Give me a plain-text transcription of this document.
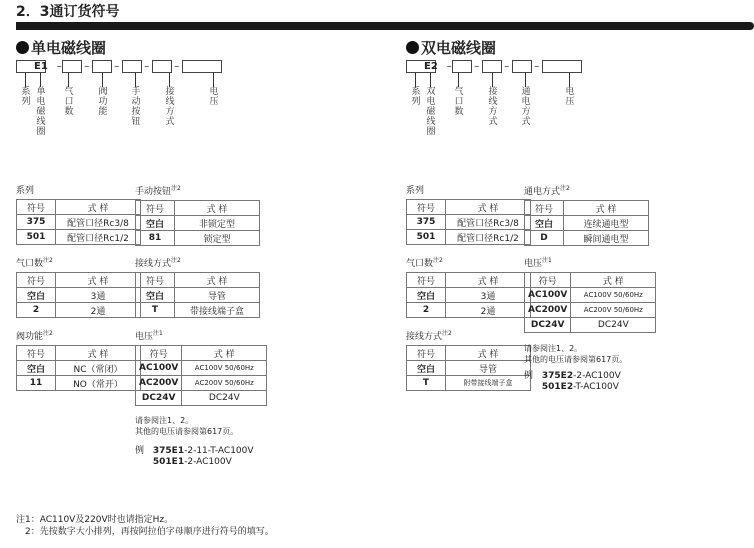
2．3通订货符号
单电磁线圈
E1 – –	–	–	–
系列
单电磁线圈
气口数
阀功能
手动按钮
接线方式
电压
双电磁线圈
E2 – –	–	–
系列
双电磁线圈
气口数
接线方式
通电方式
电压
系列
符号	式 样
375	配管口径Rc3/8
501	配管口径Rc1/2
气口数$^{注2}$
符号	式 样
空白	3通
2	2通
阀功能$^{注2}$
符号	式 样
空白	NC（常闭）
11	NO（常开）
手动按钮$^{注2}$
符号	式 样
空白	非锁定型
81	锁定型
接线方式$^{注2}$
符号	式 样
空白	导管
T	带接线端子盒
电压$^{注1}$
符号	式 样
AC100V	AC100V 50/60Hz
AC200V	AC200V 50/60Hz
DC24V	DC24V
请参阅注1、2。
其他的电压请参阅第617页。
例 375E1-2-11-T-AC100V
501E1-2-AC100V
系列
符号	式 样
375	配管口径Rc3/8
501	配管口径Rc1/2
气口数$^{注2}$
符号	式 样
空白	3通
2	2通
接线方式$^{注2}$
符号	式 样
空白	导管
T	附带接线端子盒
通电方式$^{注2}$
符号	式 样
空白	连续通电型
D	瞬间通电型
电压$^{注1}$
符号	式 样
AC100V	AC100V 50/60Hz
AC200V	AC200V 50/60Hz
DC24V	DC24V
请参阅注1、2。
其他的电压请参阅第617页。
例 375E2-2-AC100V
501E2-T-AC100V
注1：AC110V及220V时也请指定Hz。
　2：先按数字大小排列，再按阿拉伯字母顺序进行符号的填写。
